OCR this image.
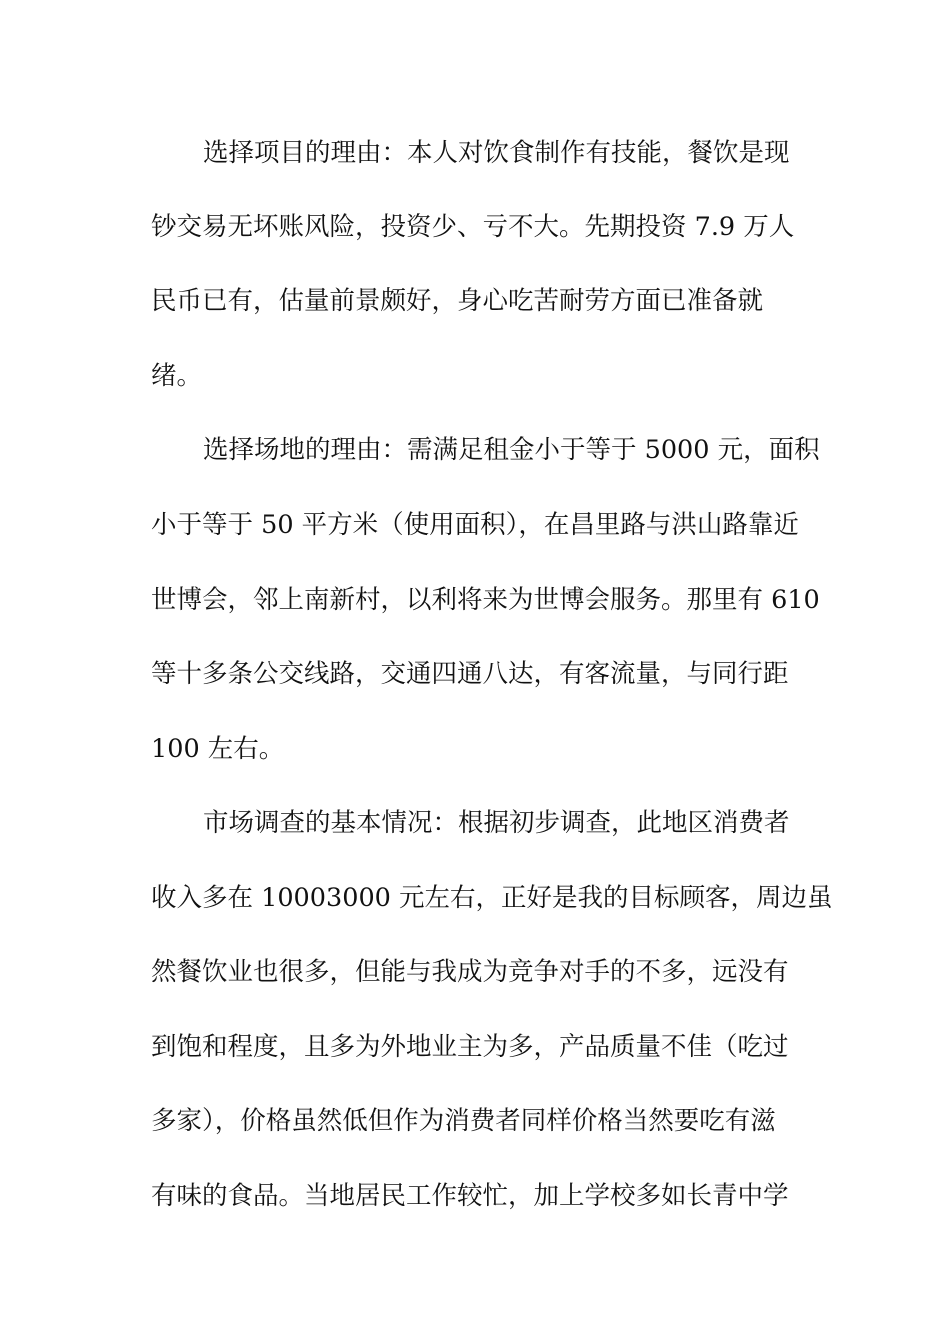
选择项目的理由：本人对饮食制作有技能，餐饮是现
钞交易无坏账风险，投资少、亏不大。先期投资 7.9 万人
民币已有，估量前景颇好，身心吃苦耐劳方面已准备就
绪。
选择场地的理由：需满足租金小于等于 5000 元，面积
小于等于 50 平方米（使用面积），在昌里路与洪山路靠近
世博会，邻上南新村，以利将来为世博会服务。那里有 610
等十多条公交线路，交通四通八达，有客流量，与同行距
100 左右。
市场调查的基本情况：根据初步调查，此地区消费者
收入多在 10003000 元左右，正好是我的目标顾客，周边虽
然餐饮业也很多，但能与我成为竞争对手的不多，远没有
到饱和程度，且多为外地业主为多，产品质量不佳（吃过
多家），价格虽然低但作为消费者同样价格当然要吃有滋
有味的食品。当地居民工作较忙，加上学校多如长青中学
